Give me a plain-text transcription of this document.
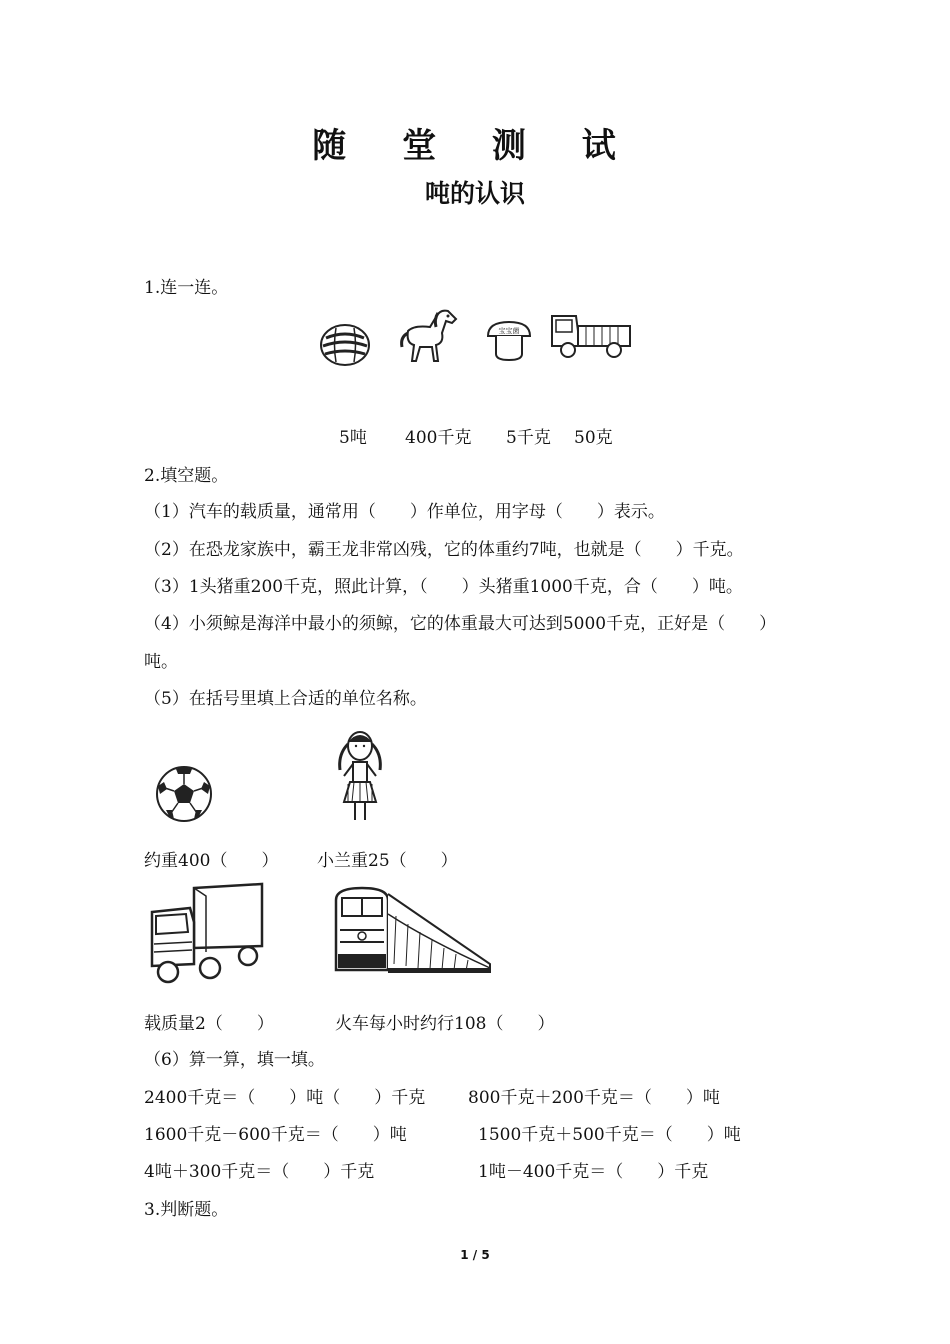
随 堂 测 试
吨的认识
1.连一连。
宝宝菌
5吨 400千克 5千克 50克
2.填空题。
（1）汽车的载质量，通常用（　　）作单位，用字母（　　）表示。
（2）在恐龙家族中，霸王龙非常凶残，它的体重约7吨，也就是（　　）千克。
（3）1头猪重200千克，照此计算，（　　）头猪重1000千克，合（　　）吨。
（4）小须鲸是海洋中最小的须鲸，它的体重最大可达到5000千克，正好是（　　）
吨。
（5）在括号里填上合适的单位名称。
约重400（　　） 小兰重25（　　）
载质量2（　　）	火车每小时约行108（　　）
（6）算一算，填一填。
2400千克＝（　　）吨（　　）千克	800千克＋200千克＝（　　）吨
1600千克－600千克＝（　　）吨	1500千克＋500千克＝（　　）吨
4吨＋300千克＝（　　）千克	1吨－400千克＝（　　）千克
3.判断题。
1 / 5
